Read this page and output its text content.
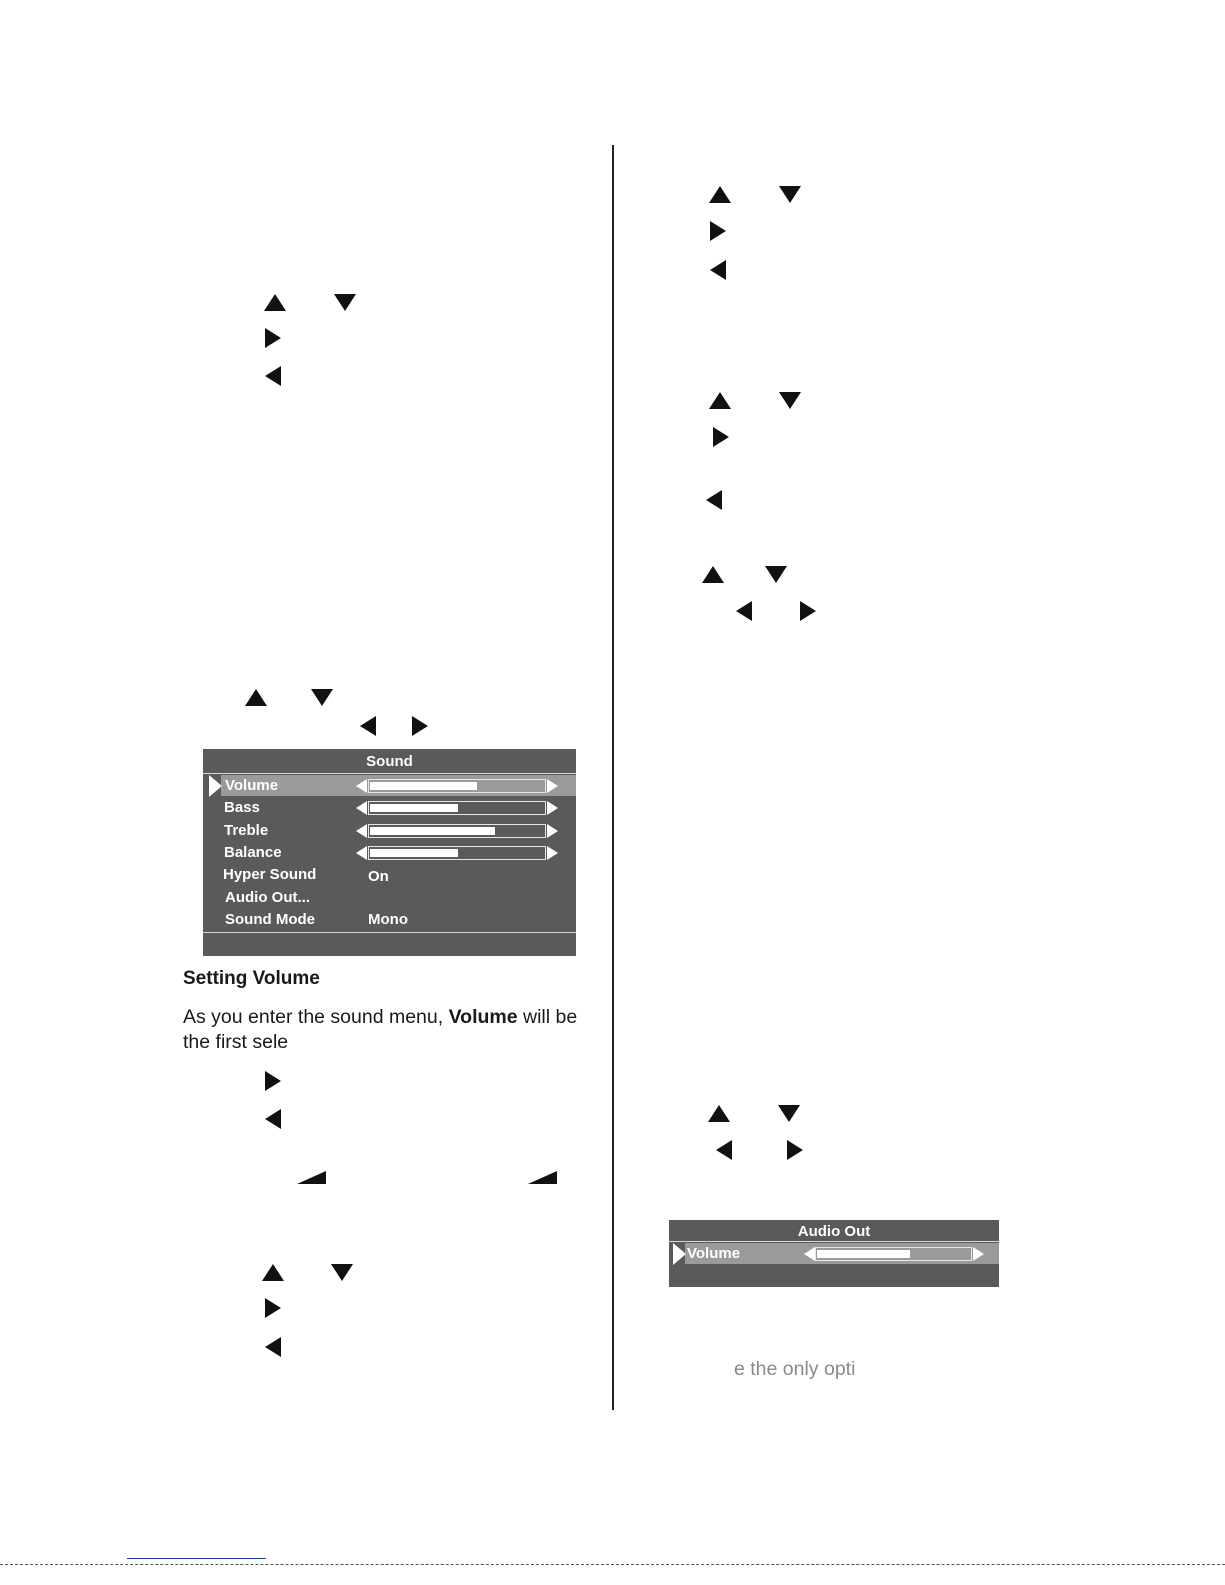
Sound
Volume
Bass
Treble
Balance
Hyper Sound	On
Audio Out...
Sound Mode	Mono
Setting Volume
As you enter the sound menu, Volume will be
the first sele
Audio Out
Volume
e the only opti
